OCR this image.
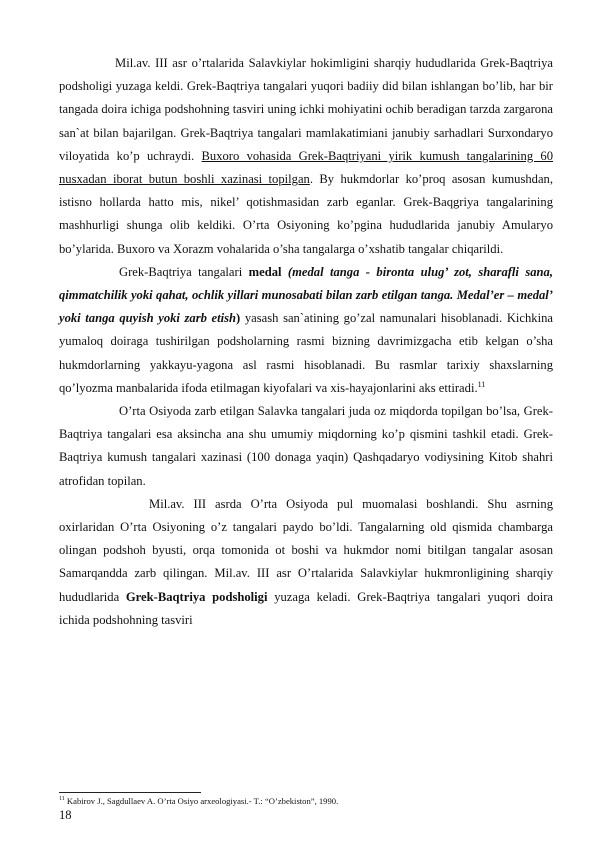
Mil.av. III asr o’rtalarida Salavkiylar hokimligini sharqiy hududlarida Grek-Baqtriya podsholigi yuzaga keldi. Grek-Baqtriya tangalari yuqori badiiy did bilan ishlangan bo’lib, har bir tangada doira ichiga podshohning tasviri uning ichki mohiyatini ochib beradigan tarzda zargarona san`at bilan bajarilgan. Grek-Baqtriya tangalari mamlakatimiani janubiy sarhadlari Surxondaryo viloyatida ko’p uchraydi. Buxoro vohasida Grek-Baqtriyani yirik kumush tangalarining 60 nusxadan iborat butun boshli xazinasi topilgan. By hukmdorlar ko’proq asosan kumushdan, istisno hollarda hatto mis, nikel’ qotishmasidan zarb eganlar. Grek-Baqgriya tangalarining mashhurligi shunga olib keldiki. O’rta Osiyoning ko’pgina hududlarida janubiy Amularyo bo’ylarida. Buxoro va Xorazm vohalarida o’sha tangalarga o’xshatib tangalar chiqarildi.

Grek-Baqtriya tangalari medal (medal tanga - bironta ulug’ zot, sharafli sana, qimmatchilik yoki qahat, ochlik yillari munosabati bilan zarb etilgan tanga. Medal’er – medal’ yoki tanga quyish yoki zarb etish) yasash san`atining go’zal namunalari hisoblanadi. Kichkina yumaloq doiraga tushirilgan podsholarning rasmi bizning davrimizgacha etib kelgan o’sha hukmdorlarning yakkayu-yagona asl rasmi hisoblanadi. Bu rasmlar tarixiy shaxslarning qo’lyozma manbalarida ifoda etilmagan kiyofalari va xis-hayajonlarini aks ettiradi.$^{11}$

O’rta Osiyoda zarb etilgan Salavka tangalari juda oz miqdorda topilgan bo’lsa, Grek-Baqtriya tangalari esa aksincha ana shu umumiy miqdorning ko’p qismini tashkil etadi. Grek-Baqtriya kumush tangalari xazinasi (100 donaga yaqin) Qashqadaryo vodiysining Kitob shahri atrofidan topilan.

Mil.av. III asrda O’rta Osiyoda pul muomalasi boshlandi. Shu asrning oxirlaridan O’rta Osiyoning o’z tangalari paydo bo’ldi. Tangalarning old qismida chambarga olingan podshoh byusti, orqa tomonida ot boshi va hukmdor nomi bitilgan tangalar asosan Samarqandda zarb qilingan. Mil.av. III asr O’rtalarida Salavkiylar hukmronligining sharqiy hududlarida Grek-Baqtriya podsholigi yuzaga keladi. Grek-Baqtriya tangalari yuqori doira ichida podshohning tasviri

$^{11}$ Kabirov J., Sagdullaev A. O’rta Osiyo arxeologiyasi.- T.: “O’zbekiston”, 1990.
18
